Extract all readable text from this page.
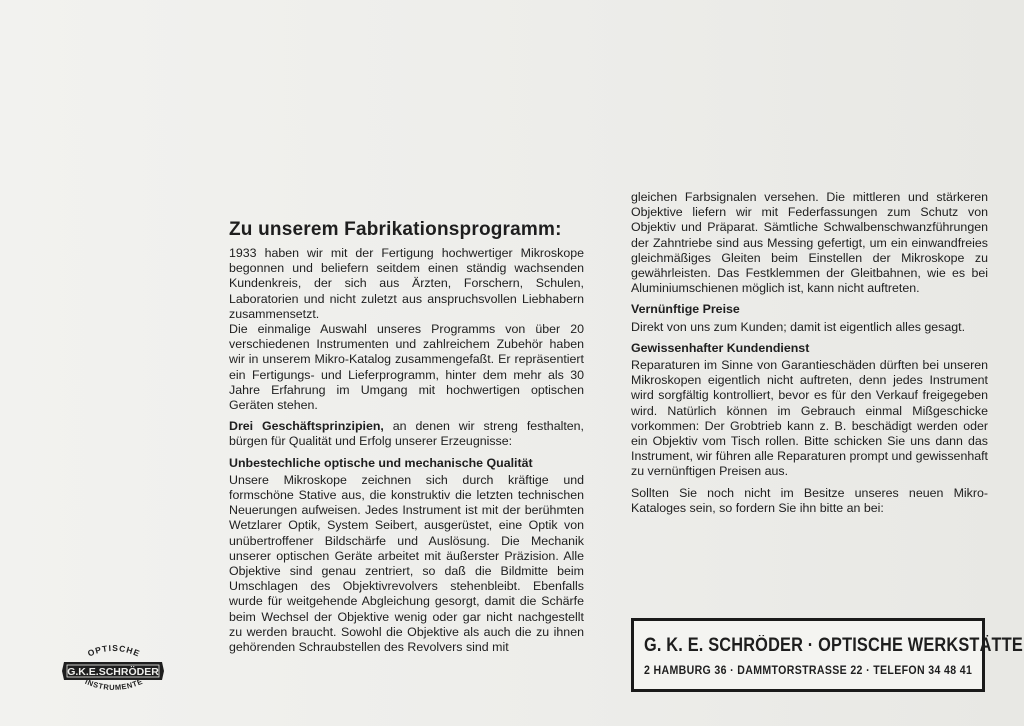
Zu unserem Fabrikationsprogramm:

1933 haben wir mit der Fertigung hochwertiger Mikroskope begonnen und beliefern seitdem einen ständig wachsenden Kundenkreis, der sich aus Ärzten, Forschern, Schulen, Laboratorien und nicht zuletzt aus anspruchsvollen Liebhabern zusammensetzt.

Die einmalige Auswahl unseres Programms von über 20 verschiedenen Instrumenten und zahlreichem Zubehör haben wir in unserem Mikro-Katalog zusammengefaßt. Er repräsentiert ein Fertigungs- und Lieferprogramm, hinter dem mehr als 30 Jahre Erfahrung im Umgang mit hochwertigen optischen Geräten stehen.

Drei Geschäftsprinzipien, an denen wir streng festhalten, bürgen für Qualität und Erfolg unserer Erzeugnisse:

Unbestechliche optische und mechanische Qualität

Unsere Mikroskope zeichnen sich durch kräftige und formschöne Stative aus, die konstruktiv die letzten technischen Neuerungen aufweisen. Jedes Instrument ist mit der berühmten Wetzlarer Optik, System Seibert, ausgerüstet, eine Optik von unübertroffener Bildschärfe und Auslösung. Die Mechanik unserer optischen Geräte arbeitet mit äußerster Präzision. Alle Objektive sind genau zentriert, so daß die Bildmitte beim Umschlagen des Objektivrevolvers stehenbleibt. Ebenfalls wurde für weitgehende Abgleichung gesorgt, damit die Schärfe beim Wechsel der Objektive wenig oder gar nicht nachgestellt zu werden braucht. Sowohl die Objektive als auch die zu ihnen gehörenden Schraubstellen des Revolvers sind mit

gleichen Farbsignalen versehen. Die mittleren und stärkeren Objektive liefern wir mit Federfassungen zum Schutz von Objektiv und Präparat. Sämtliche Schwalbenschwanzführungen der Zahntriebe sind aus Messing gefertigt, um ein einwandfreies gleichmäßiges Gleiten beim Einstellen der Mikroskope zu gewährleisten. Das Festklemmen der Gleitbahnen, wie es bei Aluminiumschienen möglich ist, kann nicht auftreten.

Vernünftige Preise

Direkt von uns zum Kunden; damit ist eigentlich alles gesagt.

Gewissenhafter Kundendienst

Reparaturen im Sinne von Garantieschäden dürften bei unseren Mikroskopen eigentlich nicht auftreten, denn jedes Instrument wird sorgfältig kontrolliert, bevor es für den Verkauf freigegeben wird. Natürlich können im Gebrauch einmal Mißgeschicke vorkommen: Der Grobtrieb kann z. B. beschädigt werden oder ein Objektiv vom Tisch rollen. Bitte schicken Sie uns dann das Instrument, wir führen alle Reparaturen prompt und gewissenhaft zu vernünftigen Preisen aus.

Sollten Sie noch nicht im Besitze unseres neuen Mikro-Kataloges sein, so fordern Sie ihn bitte an bei:

G. K. E. SCHRÖDER · OPTISCHE WERKSTÄTTE
2 HAMBURG 36 · DAMMTORSTRASSE 22 · TELEFON 34 48 41
OPTISCHE
G.K.E.SCHRÖDER
INSTRUMENTE
